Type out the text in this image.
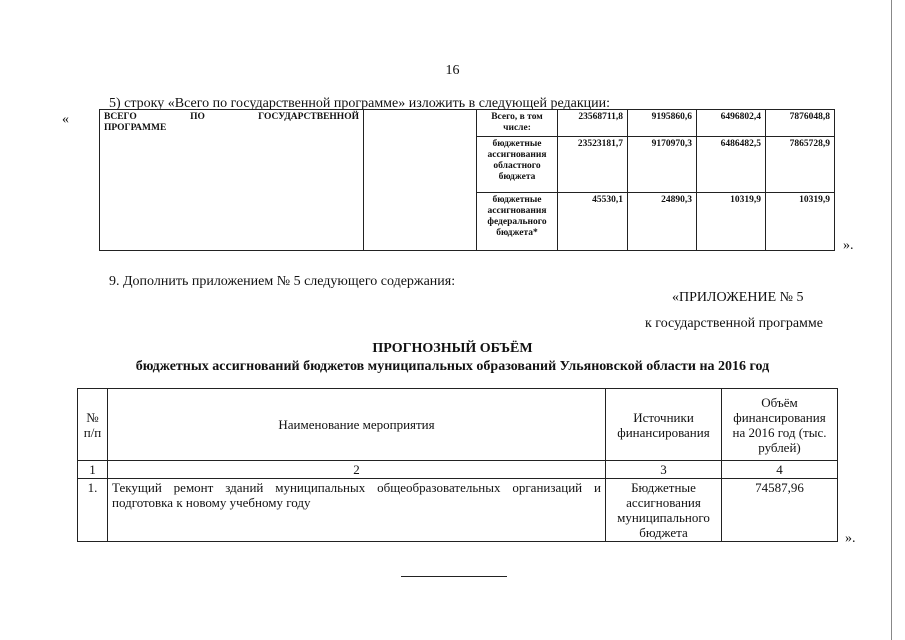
16
5) строку «Всего по государственной программе» изложить в следующей редакции:
«	ВСЕГО ПО ГОСУДАРСТВЕННОЙ
ПРОГРАММЕ		Всего, в том числе:	23568711,8	9195860,6	6496802,4	7876048,8
		бюджетные ассигнования областного бюджета	23523181,7	9170970,3	6486482,5	7865728,9
		бюджетные ассигнования федерального бюджета*	45530,1	24890,3	10319,9	10319,9
».
9. Дополнить приложением № 5 следующего содержания:
«ПРИЛОЖЕНИЕ № 5
к государственной программе
ПРОГНОЗНЫЙ ОБЪЁМ
бюджетных ассигнований бюджетов муниципальных образований Ульяновской области на 2016 год
№ п/п	Наименование мероприятия	Источники финансирования	Объём финансирования на 2016 год (тыс. рублей)
1	2	3	4
1.	Текущий ремонт зданий муниципальных общеобразовательных организаций и подготовка к новому учебному году	Бюджетные ассигнования муниципального бюджета	74587,96
».
